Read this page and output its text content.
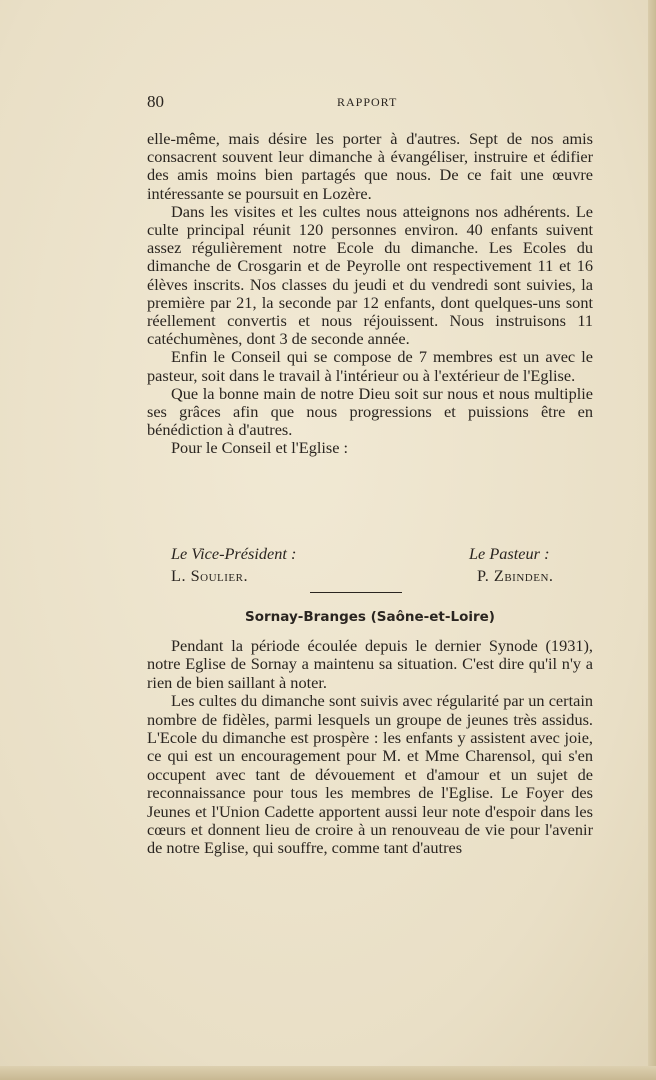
80	RAPPORT

elle-même, mais désire les porter à d'autres. Sept de nos amis consacrent souvent leur dimanche à évangéliser, instruire et édifier des amis moins bien partagés que nous. De ce fait une œuvre intéressante se poursuit en Lozère.

Dans les visites et les cultes nous atteignons nos adhérents. Le culte principal réunit 120 personnes environ. 40 enfants suivent assez régulièrement notre Ecole du dimanche. Les Ecoles du dimanche de Crosgarin et de Peyrolle ont respectivement 11 et 16 élèves inscrits. Nos classes du jeudi et du vendredi sont suivies, la première par 21, la seconde par 12 enfants, dont quelques-uns sont réellement convertis et nous réjouissent. Nous instruisons 11 catéchumènes, dont 3 de seconde année.

Enfin le Conseil qui se compose de 7 membres est un avec le pasteur, soit dans le travail à l'intérieur ou à l'extérieur de l'Eglise.

Que la bonne main de notre Dieu soit sur nous et nous multiplie ses grâces afin que nous progressions et puissions être en bénédiction à d'autres.

Pour le Conseil et l'Eglise :

Le Vice-Président :	Le Pasteur :
L. Soulier.	P. Zbinden.
Sornay-Branges (Saône-et-Loire)

Pendant la période écoulée depuis le dernier Synode (1931), notre Eglise de Sornay a maintenu sa situation. C'est dire qu'il n'y a rien de bien saillant à noter.

Les cultes du dimanche sont suivis avec régularité par un certain nombre de fidèles, parmi lesquels un groupe de jeunes très assidus. L'Ecole du dimanche est prospère : les enfants y assistent avec joie, ce qui est un encouragement pour M. et Mme Charensol, qui s'en occupent avec tant de dévouement et d'amour et un sujet de reconnaissance pour tous les membres de l'Eglise. Le Foyer des Jeunes et l'Union Cadette apportent aussi leur note d'espoir dans les cœurs et donnent lieu de croire à un renouveau de vie pour l'avenir de notre Eglise, qui souffre, comme tant d'autres
